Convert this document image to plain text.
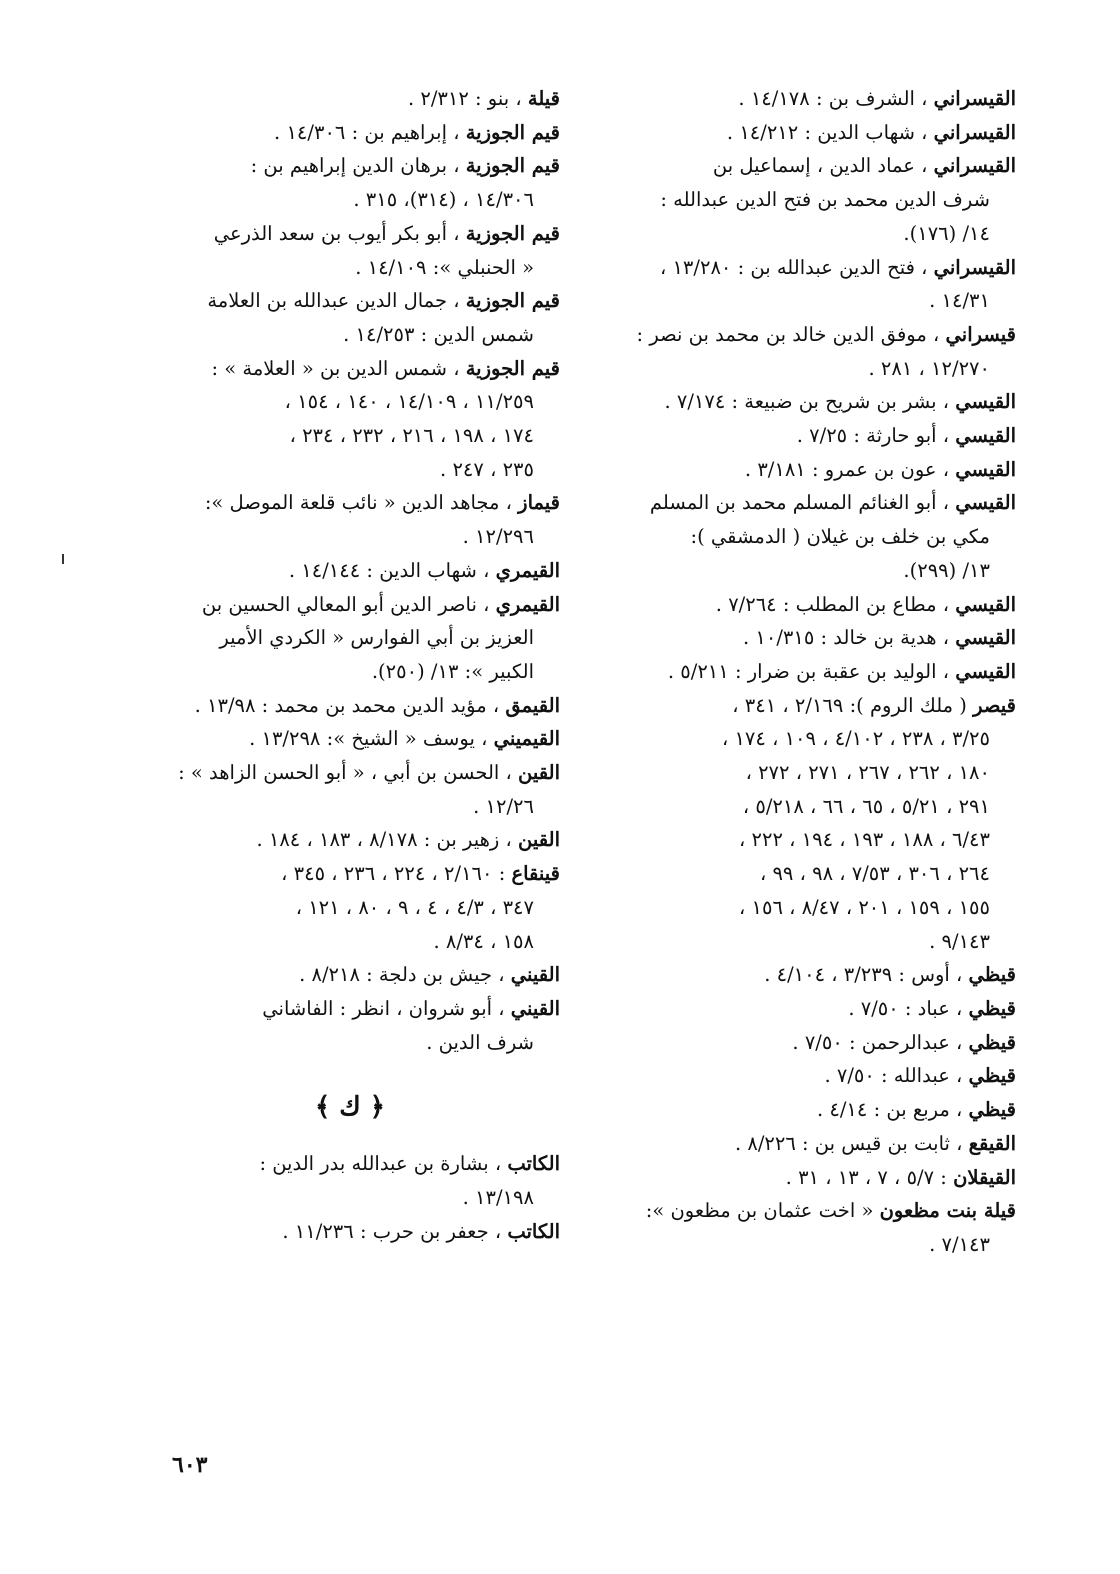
القيسراني ، الشرف بن : ١٤/١٧٨ .
القيسراني ، شهاب الدين : ١٤/٢١٢ .
القيسراني ، عماد الدين ، إسماعيل بن
شرف الدين محمد بن فتح الدين عبدالله :
١٤/ (١٧٦).
القيسراني ، فتح الدين عبدالله بن : ١٣/٢٨٠ ،
١٤/٣١ .
قيسراني ، موفق الدين خالد بن محمد بن نصر :
١٢/٢٧٠ ، ٢٨١ .
القيسي ، بشر بن شريح بن ضبيعة : ٧/١٧٤ .
القيسي ، أبو حارثة : ٧/٢٥ .
القيسي ، عون بن عمرو : ٣/١٨١ .
القيسي ، أبو الغنائم المسلم محمد بن المسلم
مكي بن خلف بن غيلان ( الدمشقي ):
١٣/ (٢٩٩).
القيسي ، مطاع بن المطلب : ٧/٢٦٤ .
القيسي ، هدية بن خالد : ١٠/٣١٥ .
القيسي ، الوليد بن عقبة بن ضرار : ٥/٢١١ .
قيصر ( ملك الروم ): ٢/١٦٩ ، ٣٤١ ،
٣/٢٥ ، ٢٣٨ ، ٤/١٠٢ ، ١٠٩ ، ١٧٤ ،
١٨٠ ، ٢٦٢ ، ٢٦٧ ، ٢٧١ ، ٢٧٢ ،
٢٩١ ، ٥/٢١ ، ٦٥ ، ٦٦ ، ٥/٢١٨ ،
٦/٤٣ ، ١٨٨ ، ١٩٣ ، ١٩٤ ، ٢٢٢ ،
٢٦٤ ، ٣٠٦ ، ٧/٥٣ ، ٩٨ ، ٩٩ ،
١٥٥ ، ١٥٩ ، ٢٠١ ، ٨/٤٧ ، ١٥٦ ،
٩/١٤٣ .
قيظي ، أوس : ٣/٢٣٩ ، ٤/١٠٤ .
قيظي ، عباد : ٧/٥٠ .
قيظي ، عبدالرحمن : ٧/٥٠ .
قيظي ، عبدالله : ٧/٥٠ .
قيظي ، مربع بن : ٤/١٤ .
القيقع ، ثابت بن قيس بن : ٨/٢٢٦ .
القيقلان : ٥/٧ ، ٧ ، ١٣ ، ٣١ .
قيلة بنت مظعون « اخت عثمان بن مظعون »:
٧/١٤٣ .
قيلة ، بنو : ٢/٣١٢ .
قيم الجوزية ، إبراهيم بن : ١٤/٣٠٦ .
قيم الجوزية ، برهان الدين إبراهيم بن :
١٤/٣٠٦ ، (٣١٤)، ٣١٥ .
قيم الجوزية ، أبو بكر أيوب بن سعد الذرعي
« الحنبلي »: ١٤/١٠٩ .
قيم الجوزية ، جمال الدين عبدالله بن العلامة
شمس الدين : ١٤/٢٥٣ .
قيم الجوزية ، شمس الدين بن « العلامة » :
١١/٢٥٩ ، ١٤/١٠٩ ، ١٤٠ ، ١٥٤ ،
١٧٤ ، ١٩٨ ، ٢١٦ ، ٢٣٢ ، ٢٣٤ ،
٢٣٥ ، ٢٤٧ .
قيماز ، مجاهد الدين « نائب قلعة الموصل »:
١٢/٢٩٦ .
القيمري ، شهاب الدين : ١٤/١٤٤ .
القيمري ، ناصر الدين أبو المعالي الحسين بن
العزيز بن أبي الفوارس « الكردي الأمير
الكبير »: ١٣/ (٢٥٠).
القيمق ، مؤيد الدين محمد بن محمد : ١٣/٩٨ .
القيميني ، يوسف « الشيخ »: ١٣/٢٩٨ .
القين ، الحسن بن أبي ، « أبو الحسن الزاهد » :
١٢/٢٦ .
القين ، زهير بن : ٨/١٧٨ ، ١٨٣ ، ١٨٤ .
قينقاع : ٢/١٦٠ ، ٢٢٤ ، ٢٣٦ ، ٣٤٥ ،
٣٤٧ ، ٤/٣ ، ٤ ، ٩ ، ٨٠ ، ١٢١ ،
١٥٨ ، ٨/٣٤ .
القيني ، جيش بن دلجة : ٨/٢١٨ .
القيني ، أبو شروان ، انظر : الفاشاني
شرف الدين .
﴿ ك ﴾
الكاتب ، بشارة بن عبدالله بدر الدين :
١٣/١٩٨ .
الكاتب ، جعفر بن حرب : ١١/٢٣٦ .
٦٠٣
